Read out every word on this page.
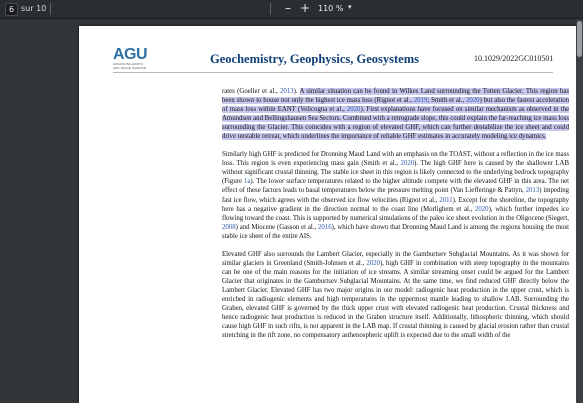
6 sur 10	– + 110 % ▾
AGU
ADVANCING EARTH
AND SPACE SCIENCE
Geochemistry, Geophysics, Geosystems	10.1029/2022GC010501

rates (Goeller et al., 2013). A similar situation can be found in Wilkes Land surrounding the Totten Glacier. This region has been shown to house not only the highest ice mass loss (Rignot et al., 2019; Smith et al., 2020) but also the fastest acceleration of mass loss within EANT (Velicogna et al., 2020). First explanations have focused on similar mechanism as observed in the Amundsen and Bellingshausen Sea Sectors. Combined with a retrograde slope, this could explain the far-reaching ice mass loss surrounding the Glacier. This coincides with a region of elevated GHF, which can further destabilize the ice sheet and could drive unstable retreat, which underlines the importance of reliable GHF estimates in accurately modeling ice dynamics.

Similarly high GHF is predicted for Dronning Maud Land with an emphasis on the TOAST, without a reflection in the ice mass loss. This region is even experiencing mass gain (Smith et al., 2020). The high GHF here is caused by the shallower LAB without significant crustal thinning. The stable ice sheet in this region is likely connected to the underlying bedrock topography (Figure 1a). The lower surface temperatures related to the higher altitude compete with the elevated GHF in this area. The net effect of these factors leads to basal temperatures below the pressure melting point (Van Liefferinge & Pattyn, 2013) impeding fast ice flow, which agrees with the observed ice flow velocities (Rignot et al., 2011). Except for the shoreline, the topography here has a negative gradient in the direction normal to the coast line (Morlighem et al., 2020), which further impedes ice flowing toward the coast. This is supported by numerical simulations of the paleo ice sheet evolution in the Oligocene (Siegert, 2008) and Miocene (Gasson et al., 2016), which have shown that Dronning Maud Land is among the regions housing the most stable ice sheet of the entire AIS.

Elevated GHF also surrounds the Lambert Glacier, especially in the Gamburtsev Subglacial Mountains. As it was shown for similar glaciers in Greenland (Smith-Johnsen et al., 2020), high GHF in combination with steep topography in the mountains can be one of the main reasons for the initiation of ice streams. A similar streaming onset could be argued for the Lambert Glacier that originates in the Gamburtsev Subglacial Mountains. At the same time, we find reduced GHF directly below the Lambert Glacier. Elevated GHF has two major origins in our model: radiogenic heat production in the upper crust, which is enriched in radiogenic elements and high temperatures in the uppermost mantle leading to shallow LAB. Surrounding the Graben, elevated GHF is governed by the thick upper crust with elevated radiogenic heat production. Crustal thickness and hence radiogenic heat production is reduced in the Graben structure itself. Additionally, lithospheric thinning, which should cause high GHF in such rifts, is not apparent in the LAB map. If crustal thinning is caused by glacial erosion rather than crustal stretching in the rift zone, no compensatory asthenospheric uplift is expected due to the small width of the
